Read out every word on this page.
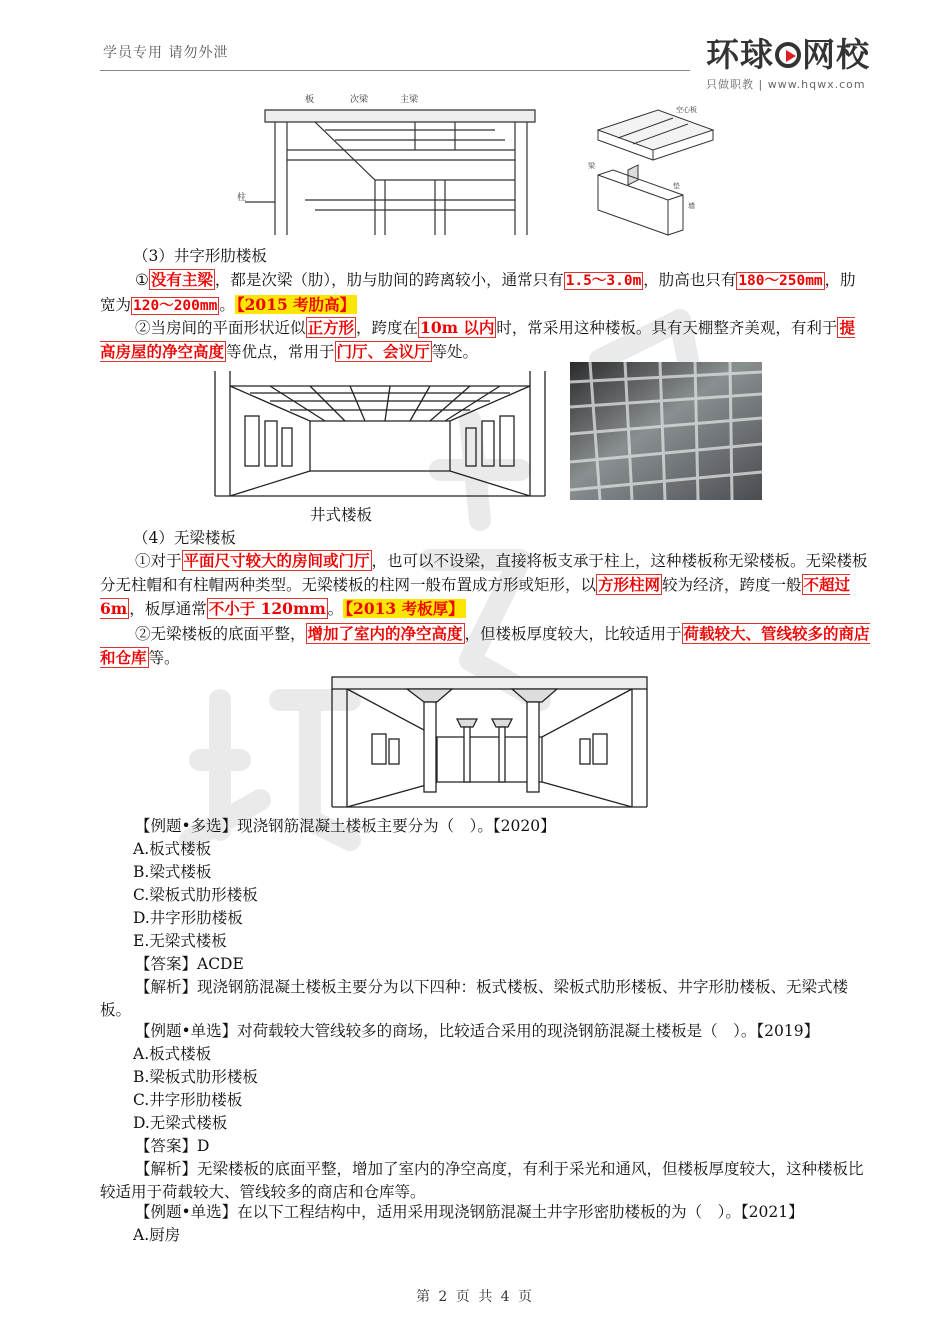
学员专用 请勿外泄	环球 网校
只做职教 | www.hqwx.com
板	次梁	主梁
柱
空心板
梁
垫
墙
（3）井字形肋楼板
① 没有主梁 ，都是次梁（肋），肋与肋间的跨离较小，通常只有 1.5～3.0m ，肋高也只有 180～250mm ，肋宽为 120～200mm 。 【2015 考肋高】
②当房间的平面形状近似 正方形 ，跨度在 10m 以内 时，常采用这种楼板。具有天棚整齐美观，有利于 提高房屋的净空高度 等优点，常用于 门厅、会议厅 等处。
井式楼板
（4）无梁楼板
①对于 平面尺寸较大的房间或门厅 ，也可以不设梁，直接将板支承于柱上，这种楼板称无梁楼板。无梁楼板分无柱帽和有柱帽两种类型。无梁楼板的柱网一般布置成方形或矩形，以 方形柱网 较为经济，跨度一般 不超过 6m ，板厚通常 不小于 120mm 。 【2013 考板厚】
②无梁楼板的底面平整， 增加了室内的净空高度 ，但楼板厚度较大，比较适用于 荷载较大、管线较多的商店和仓库 等。
【例题•多选】现浇钢筋混凝土楼板主要分为（　）。【2020】
A.板式楼板
B.梁式楼板
C.梁板式肋形楼板
D.井字形肋楼板
E.无梁式楼板
【答案】ACDE
【解析】现浇钢筋混凝土楼板主要分为以下四种：板式楼板、梁板式肋形楼板、井字形肋楼板、无梁式楼板。
【例题•单选】对荷载较大管线较多的商场，比较适合采用的现浇钢筋混凝土楼板是（　）。【2019】
A.板式楼板
B.梁板式肋形楼板
C.井字形肋楼板
D.无梁式楼板
【答案】D
【解析】无梁楼板的底面平整，增加了室内的净空高度，有利于采光和通风，但楼板厚度较大，这种楼板比较适用于荷载较大、管线较多的商店和仓库等。
【例题•单选】在以下工程结构中，适用采用现浇钢筋混凝土井字形密肋楼板的为（　）。【2021】
A.厨房
第 2 页 共 4 页
